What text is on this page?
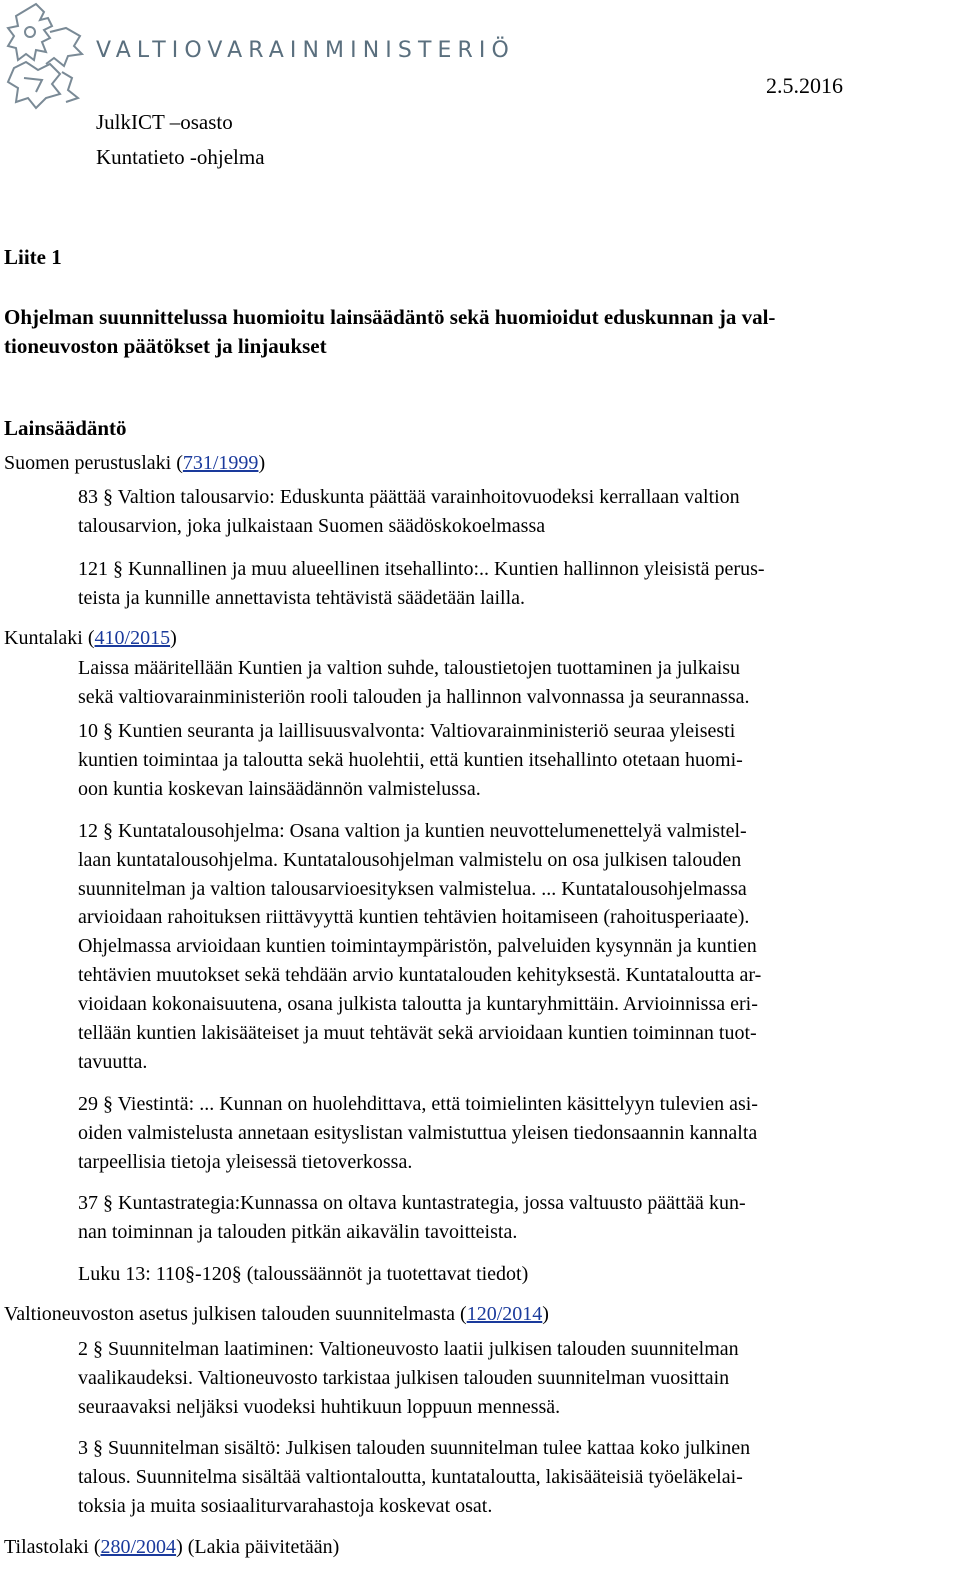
VALTIOVARAINMINISTERIÖ
2.5.2016
JulkICT –osasto
Kuntatieto -ohjelma
Liite 1
Ohjelman suunnittelussa huomioitu lainsäädäntö sekä huomioidut eduskunnan ja val-
tioneuvoston päätökset ja linjaukset
Lainsäädäntö
Suomen perustuslaki (731/1999)
83 § Valtion talousarvio: Eduskunta päättää varainhoitovuodeksi kerrallaan valtion
talousarvion, joka julkaistaan Suomen säädöskokoelmassa
121 § Kunnallinen ja muu alueellinen itsehallinto:.. Kuntien hallinnon yleisistä perus-
teista ja kunnille annettavista tehtävistä säädetään lailla.
Kuntalaki (410/2015)
Laissa määritellään Kuntien ja valtion suhde, taloustietojen tuottaminen ja julkaisu
sekä valtiovarainministeriön rooli talouden ja hallinnon valvonnassa ja seurannassa.
10 § Kuntien seuranta ja laillisuusvalvonta: Valtiovarainministeriö seuraa yleisesti
kuntien toimintaa ja taloutta sekä huolehtii, että kuntien itsehallinto otetaan huomi-
oon kuntia koskevan lainsäädännön valmistelussa.
12 § Kuntatalousohjelma: Osana valtion ja kuntien neuvottelumenettelyä valmistel-
laan kuntatalousohjelma. Kuntatalousohjelman valmistelu on osa julkisen talouden
suunnitelman ja valtion talousarvioesityksen valmistelua. ... Kuntatalousohjelmassa
arvioidaan rahoituksen riittävyyttä kuntien tehtävien hoitamiseen (rahoitusperiaate).
Ohjelmassa arvioidaan kuntien toimintaympäristön, palveluiden kysynnän ja kuntien
tehtävien muutokset sekä tehdään arvio kuntatalouden kehityksestä. Kuntataloutta ar-
vioidaan kokonaisuutena, osana julkista taloutta ja kuntaryhmittäin. Arvioinnissa eri-
tellään kuntien lakisääteiset ja muut tehtävät sekä arvioidaan kuntien toiminnan tuot-
tavuutta.
29 § Viestintä: ... Kunnan on huolehdittava, että toimielinten käsittelyyn tulevien asi-
oiden valmistelusta annetaan esityslistan valmistuttua yleisen tiedonsaannin kannalta
tarpeellisia tietoja yleisessä tietoverkossa.
37 § Kuntastrategia:Kunnassa on oltava kuntastrategia, jossa valtuusto päättää kun-
nan toiminnan ja talouden pitkän aikavälin tavoitteista.
Luku 13: 110§-120§ (taloussäännöt ja tuotettavat tiedot)
Valtioneuvoston asetus julkisen talouden suunnitelmasta (120/2014)
2 § Suunnitelman laatiminen: Valtioneuvosto laatii julkisen talouden suunnitelman
vaalikaudeksi. Valtioneuvosto tarkistaa julkisen talouden suunnitelman vuosittain
seuraavaksi neljäksi vuodeksi huhtikuun loppuun mennessä.
3 § Suunnitelman sisältö: Julkisen talouden suunnitelman tulee kattaa koko julkinen
talous. Suunnitelma sisältää valtiontaloutta, kuntataloutta, lakisääteisiä työeläkelai-
toksia ja muita sosiaaliturvarahastoja koskevat osat.
Tilastolaki (280/2004) (Lakia päivitetään)
